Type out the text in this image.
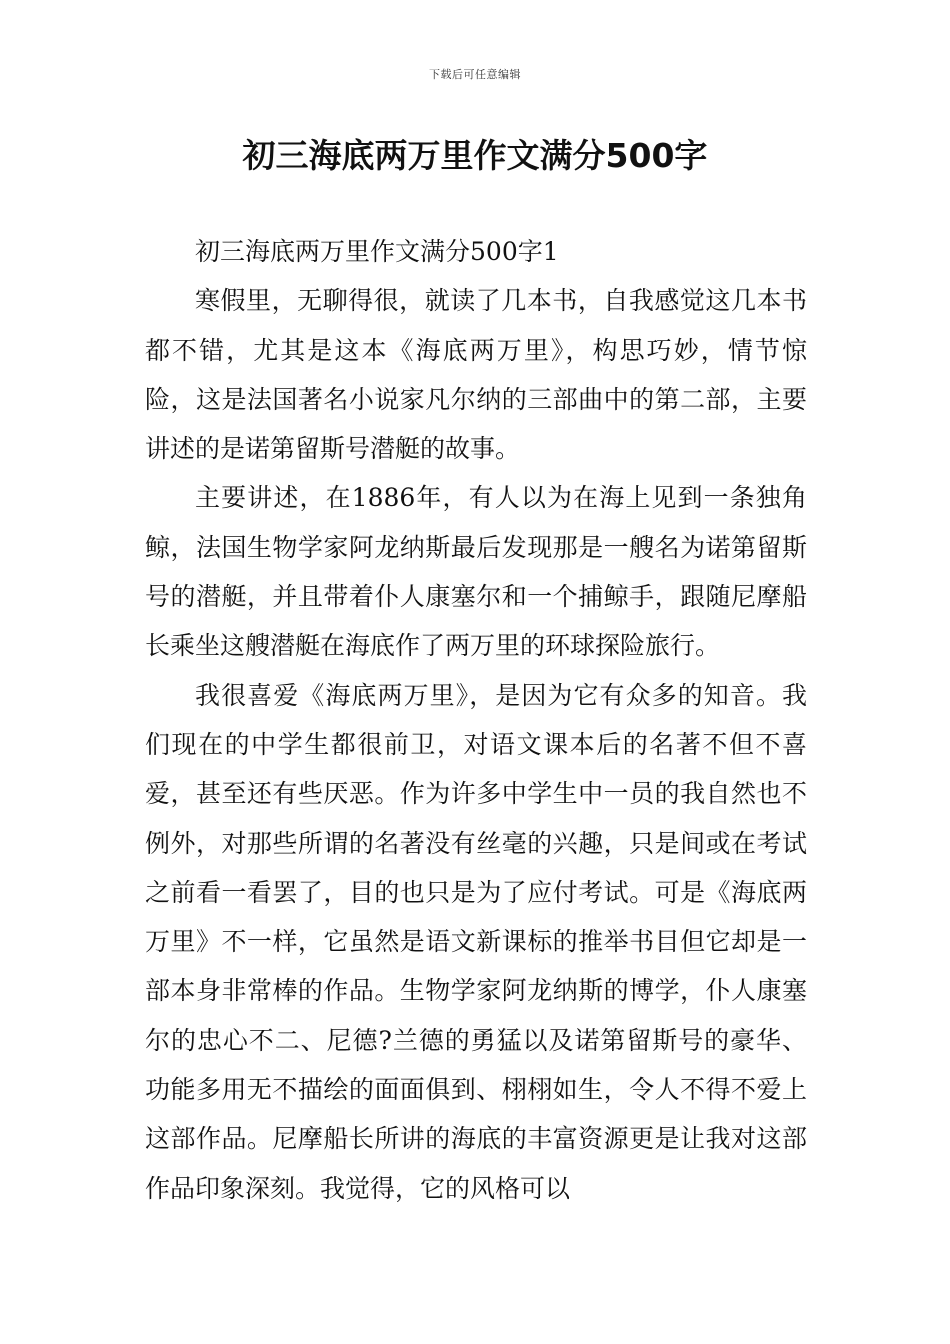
下载后可任意编辑
初三海底两万里作文满分500字

初三海底两万里作文满分500字1

寒假里，无聊得很，就读了几本书，自我感觉这几本书都不错，尤其是这本《海底两万里》，构思巧妙，情节惊险，这是法国著名小说家凡尔纳的三部曲中的第二部，主要讲述的是诺第留斯号潜艇的故事。

主要讲述，在1886年，有人以为在海上见到一条独角鲸，法国生物学家阿龙纳斯最后发现那是一艘名为诺第留斯号的潜艇，并且带着仆人康塞尔和一个捕鲸手，跟随尼摩船长乘坐这艘潜艇在海底作了两万里的环球探险旅行。

我很喜爱《海底两万里》，是因为它有众多的知音。我们现在的中学生都很前卫，对语文课本后的名著不但不喜爱，甚至还有些厌恶。作为许多中学生中一员的我自然也不例外，对那些所谓的名著没有丝毫的兴趣，只是间或在考试之前看一看罢了，目的也只是为了应付考试。可是《海底两万里》不一样，它虽然是语文新课标的推举书目但它却是一部本身非常棒的作品。生物学家阿龙纳斯的博学，仆人康塞尔的忠心不二、尼德?兰德的勇猛以及诺第留斯号的豪华、功能多用无不描绘的面面俱到、栩栩如生，令人不得不爱上这部作品。尼摩船长所讲的海底的丰富资源更是让我对这部作品印象深刻。我觉得，它的风格可以
